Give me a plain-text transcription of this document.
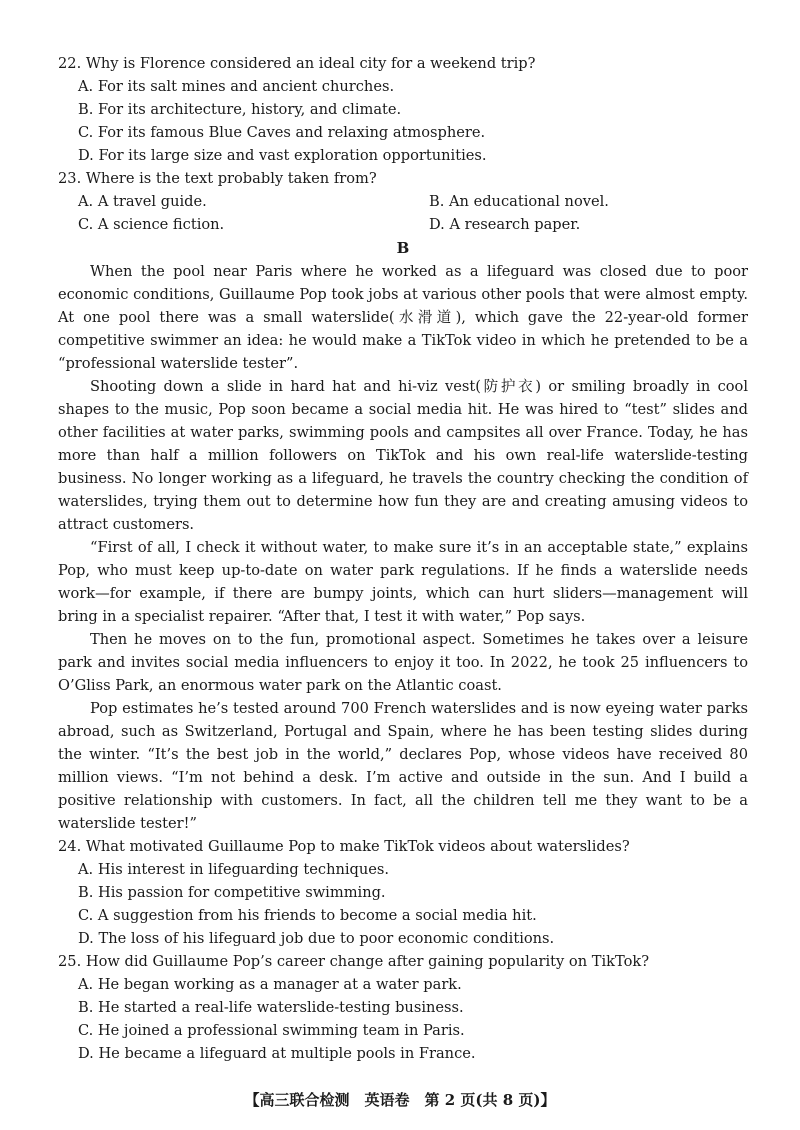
22. Why is Florence considered an ideal city for a weekend trip?
A. For its salt mines and ancient churches.
B. For its architecture, history, and climate.
C. For its famous Blue Caves and relaxing atmosphere.
D. For its large size and vast exploration opportunities.
23. Where is the text probably taken from?
A. A travel guide.	B. An educational novel.
C. A science fiction.	D. A research paper.
B

When the pool near Paris where he worked as a lifeguard was closed due to poor economic conditions, Guillaume Pop took jobs at various other pools that were almost empty. At one pool there was a small waterslide(水滑道), which gave the 22-year-old former competitive swimmer an idea: he would make a TikTok video in which he pretended to be a “professional waterslide tester”.

Shooting down a slide in hard hat and hi-viz vest(防护衣) or smiling broadly in cool shapes to the music, Pop soon became a social media hit. He was hired to “test” slides and other facilities at water parks, swimming pools and campsites all over France. Today, he has more than half a million followers on TikTok and his own real-life waterslide-testing business. No longer working as a lifeguard, he travels the country checking the condition of waterslides, trying them out to determine how fun they are and creating amusing videos to attract customers.

“First of all, I check it without water, to make sure it’s in an acceptable state,” explains Pop, who must keep up-to-date on water park regulations. If he finds a waterslide needs work—for example, if there are bumpy joints, which can hurt sliders—management will bring in a specialist repairer. “After that, I test it with water,” Pop says.

Then he moves on to the fun, promotional aspect. Sometimes he takes over a leisure park and invites social media influencers to enjoy it too. In 2022, he took 25 influencers to O’Gliss Park, an enormous water park on the Atlantic coast.

Pop estimates he’s tested around 700 French waterslides and is now eyeing water parks abroad, such as Switzerland, Portugal and Spain, where he has been testing slides during the winter. “It’s the best job in the world,” declares Pop, whose videos have received 80 million views. “I’m not behind a desk. I’m active and outside in the sun. And I build a positive relationship with customers. In fact, all the children tell me they want to be a waterslide tester!”

24. What motivated Guillaume Pop to make TikTok videos about waterslides?
A. His interest in lifeguarding techniques.
B. His passion for competitive swimming.
C. A suggestion from his friends to become a social media hit.
D. The loss of his lifeguard job due to poor economic conditions.
25. How did Guillaume Pop’s career change after gaining popularity on TikTok?
A. He began working as a manager at a water park.
B. He started a real-life waterslide-testing business.
C. He joined a professional swimming team in Paris.
D. He became a lifeguard at multiple pools in France.
【高三联合检测　英语卷　第 2 页(共 8 页)】
